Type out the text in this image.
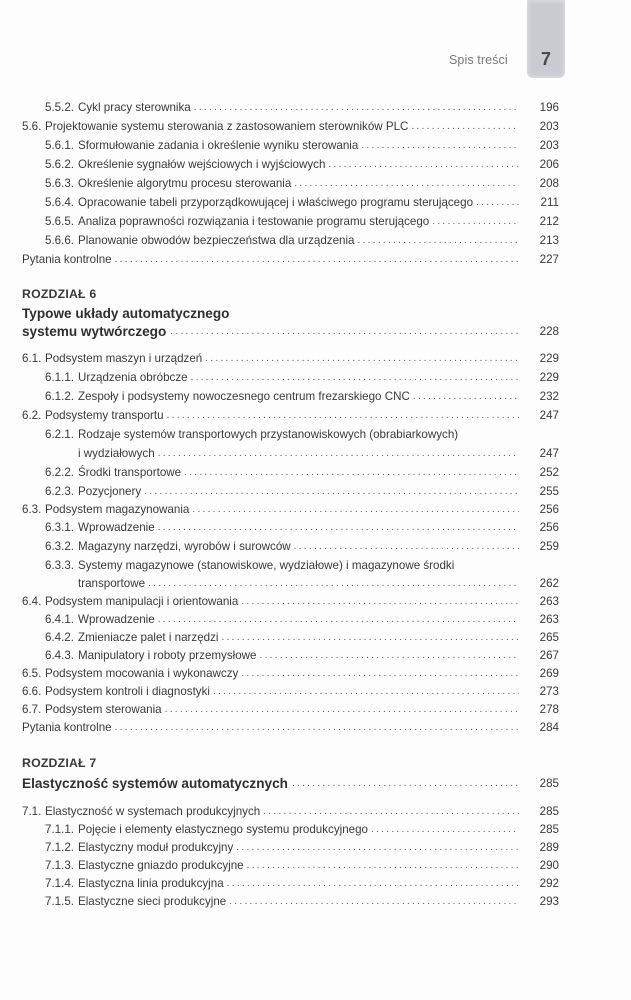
7
Spis treści
5.5.2. Cykl pracy sterownika .....	196
5.6. Projektowanie systemu sterowania z zastosowaniem sterowników PLC .....	203
5.6.1. Sformułowanie zadania i określenie wyniku sterowania .....	203
5.6.2. Określenie sygnałów wejściowych i wyjściowych .....	206
5.6.3. Określenie algorytmu procesu sterowania .....	208
5.6.4. Opracowanie tabeli przyporządkowującej i właściwego programu sterującego .....	211
5.6.5. Analiza poprawności rozwiązania i testowanie programu sterującego .....	212
5.6.6. Planowanie obwodów bezpieczeństwa dla urządzenia .....	213
Pytania kontrolne .....	227
ROZDZIAŁ 6
Typowe układy automatycznego
systemu wytwórczego .....	228
6.1. Podsystem maszyn i urządzeń .....	229
6.1.1. Urządzenia obróbcze .....	229
6.1.2. Zespoły i podsystemy nowoczesnego centrum frezarskiego CNC .....	232
6.2. Podsystemy transportu .....	247
6.2.1. Rodzaje systemów transportowych przystanowiskowych (obrabiarkowych)
i wydziałowych .....	247
6.2.2. Środki transportowe .....	252
6.2.3. Pozycjonery .....	255
6.3. Podsystem magazynowania .....	256
6.3.1. Wprowadzenie .....	256
6.3.2. Magazyny narzędzi, wyrobów i surowców .....	259
6.3.3. Systemy magazynowe (stanowiskowe, wydziałowe) i magazynowe środki
transportowe .....	262
6.4. Podsystem manipulacji i orientowania .....	263
6.4.1. Wprowadzenie .....	263
6.4.2. Zmieniacze palet i narzędzi .....	265
6.4.3. Manipulatory i roboty przemysłowe .....	267
6.5. Podsystem mocowania i wykonawczy .....	269
6.6. Podsystem kontroli i diagnostyki .....	273
6.7. Podsystem sterowania .....	278
Pytania kontrolne .....	284
ROZDZIAŁ 7
Elastyczność systemów automatycznych .....	285
7.1. Elastyczność w systemach produkcyjnych .....	285
7.1.1. Pojęcie i elementy elastycznego systemu produkcyjnego .....	285
7.1.2. Elastyczny moduł produkcyjny .....	289
7.1.3. Elastyczne gniazdo produkcyjne .....	290
7.1.4. Elastyczna linia produkcyjna .....	292
7.1.5. Elastyczne sieci produkcyjne .....	293
